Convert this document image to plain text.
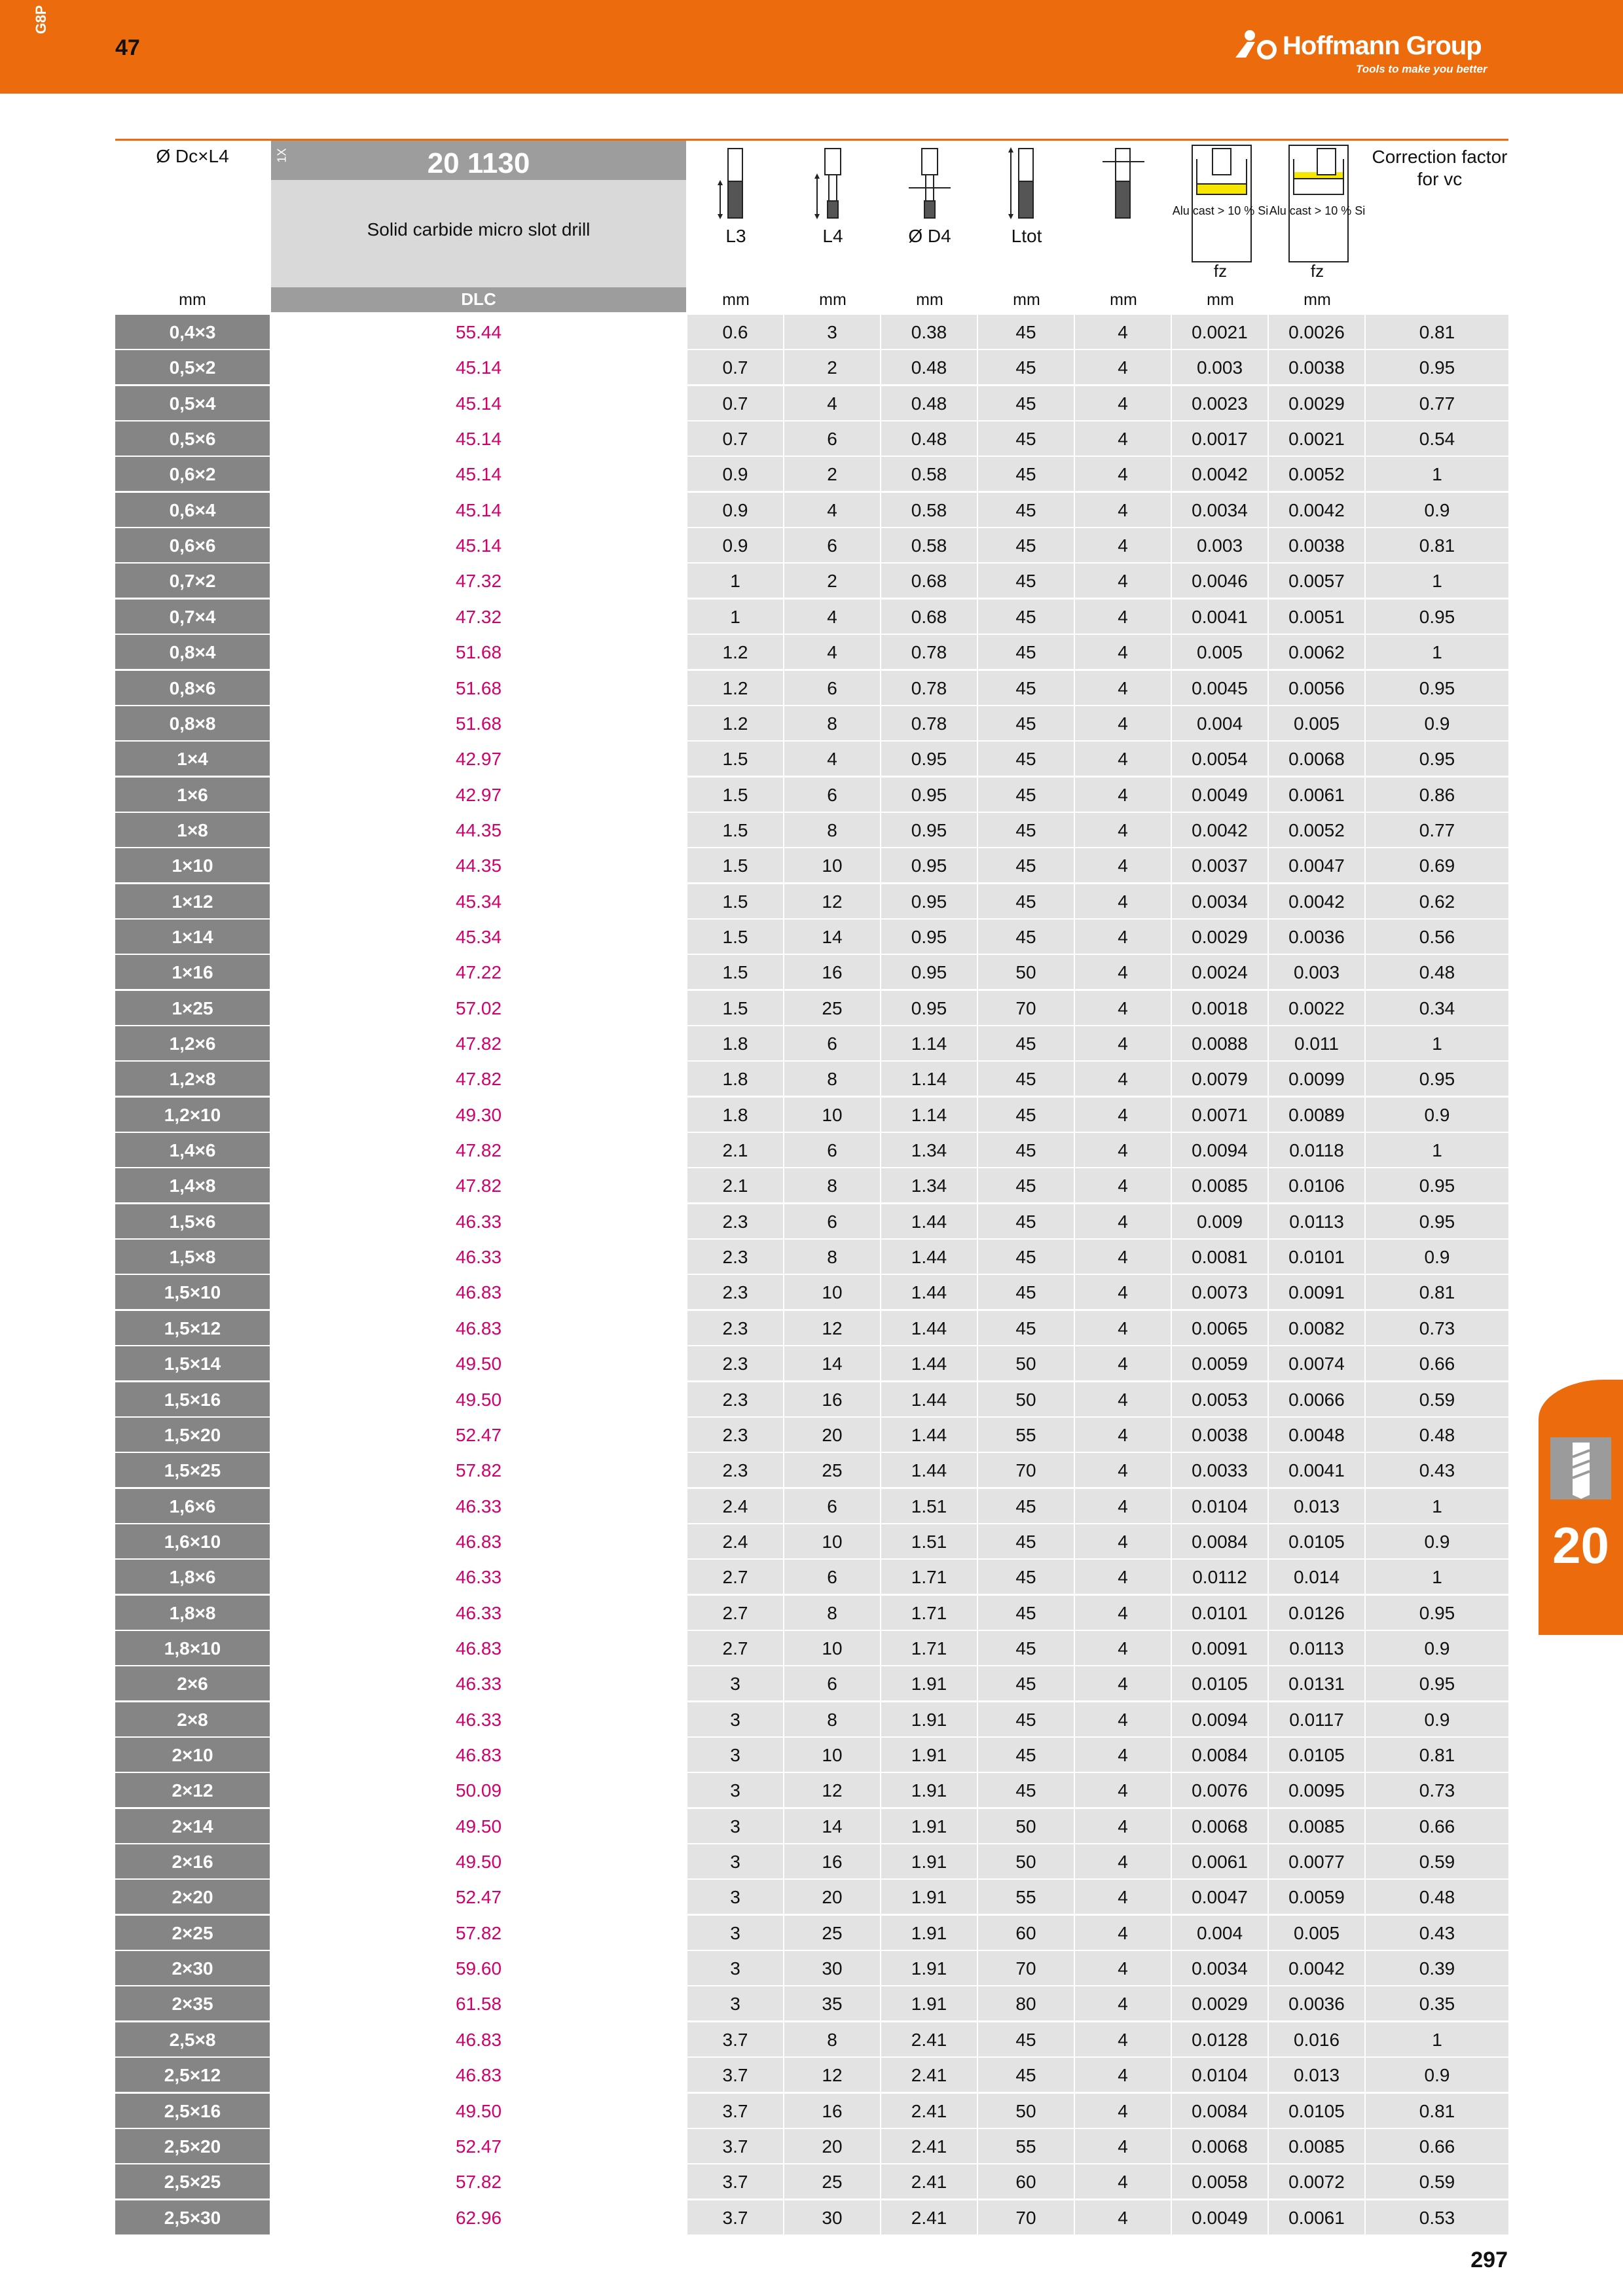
G8P
47	Hoffmann Group
Tools to make you better
Ø Dc×L4
mm
1X	20 1130
Solid carbide micro slot drill
DLC
L3
mm
L4
mm
Ø D4
mm
Ltot
mm	mm
Alu cast > 10 % Si
fz
mm
Alu cast > 10 % Si
fz
mm
Correction factor for vc
0,4×3	55.44	0.6	3	0.38	45	4	0.0021	0.0026	0.81
0,5×2	45.14	0.7	2	0.48	45	4	0.003	0.0038	0.95
0,5×4	45.14	0.7	4	0.48	45	4	0.0023	0.0029	0.77
0,5×6	45.14	0.7	6	0.48	45	4	0.0017	0.0021	0.54
0,6×2	45.14	0.9	2	0.58	45	4	0.0042	0.0052	1
0,6×4	45.14	0.9	4	0.58	45	4	0.0034	0.0042	0.9
0,6×6	45.14	0.9	6	0.58	45	4	0.003	0.0038	0.81
0,7×2	47.32	1	2	0.68	45	4	0.0046	0.0057	1
0,7×4	47.32	1	4	0.68	45	4	0.0041	0.0051	0.95
0,8×4	51.68	1.2	4	0.78	45	4	0.005	0.0062	1
0,8×6	51.68	1.2	6	0.78	45	4	0.0045	0.0056	0.95
0,8×8	51.68	1.2	8	0.78	45	4	0.004	0.005	0.9
1×4	42.97	1.5	4	0.95	45	4	0.0054	0.0068	0.95
1×6	42.97	1.5	6	0.95	45	4	0.0049	0.0061	0.86
1×8	44.35	1.5	8	0.95	45	4	0.0042	0.0052	0.77
1×10	44.35	1.5	10	0.95	45	4	0.0037	0.0047	0.69
1×12	45.34	1.5	12	0.95	45	4	0.0034	0.0042	0.62
1×14	45.34	1.5	14	0.95	45	4	0.0029	0.0036	0.56
1×16	47.22	1.5	16	0.95	50	4	0.0024	0.003	0.48
1×25	57.02	1.5	25	0.95	70	4	0.0018	0.0022	0.34
1,2×6	47.82	1.8	6	1.14	45	4	0.0088	0.011	1
1,2×8	47.82	1.8	8	1.14	45	4	0.0079	0.0099	0.95
1,2×10	49.30	1.8	10	1.14	45	4	0.0071	0.0089	0.9
1,4×6	47.82	2.1	6	1.34	45	4	0.0094	0.0118	1
1,4×8	47.82	2.1	8	1.34	45	4	0.0085	0.0106	0.95
1,5×6	46.33	2.3	6	1.44	45	4	0.009	0.0113	0.95
1,5×8	46.33	2.3	8	1.44	45	4	0.0081	0.0101	0.9
1,5×10	46.83	2.3	10	1.44	45	4	0.0073	0.0091	0.81
1,5×12	46.83	2.3	12	1.44	45	4	0.0065	0.0082	0.73
1,5×14	49.50	2.3	14	1.44	50	4	0.0059	0.0074	0.66
1,5×16	49.50	2.3	16	1.44	50	4	0.0053	0.0066	0.59
1,5×20	52.47	2.3	20	1.44	55	4	0.0038	0.0048	0.48
1,5×25	57.82	2.3	25	1.44	70	4	0.0033	0.0041	0.43
1,6×6	46.33	2.4	6	1.51	45	4	0.0104	0.013	1
1,6×10	46.83	2.4	10	1.51	45	4	0.0084	0.0105	0.9
1,8×6	46.33	2.7	6	1.71	45	4	0.0112	0.014	1
1,8×8	46.33	2.7	8	1.71	45	4	0.0101	0.0126	0.95
1,8×10	46.83	2.7	10	1.71	45	4	0.0091	0.0113	0.9
2×6	46.33	3	6	1.91	45	4	0.0105	0.0131	0.95
2×8	46.33	3	8	1.91	45	4	0.0094	0.0117	0.9
2×10	46.83	3	10	1.91	45	4	0.0084	0.0105	0.81
2×12	50.09	3	12	1.91	45	4	0.0076	0.0095	0.73
2×14	49.50	3	14	1.91	50	4	0.0068	0.0085	0.66
2×16	49.50	3	16	1.91	50	4	0.0061	0.0077	0.59
2×20	52.47	3	20	1.91	55	4	0.0047	0.0059	0.48
2×25	57.82	3	25	1.91	60	4	0.004	0.005	0.43
2×30	59.60	3	30	1.91	70	4	0.0034	0.0042	0.39
2×35	61.58	3	35	1.91	80	4	0.0029	0.0036	0.35
2,5×8	46.83	3.7	8	2.41	45	4	0.0128	0.016	1
2,5×12	46.83	3.7	12	2.41	45	4	0.0104	0.013	0.9
2,5×16	49.50	3.7	16	2.41	50	4	0.0084	0.0105	0.81
2,5×20	52.47	3.7	20	2.41	55	4	0.0068	0.0085	0.66
2,5×25	57.82	3.7	25	2.41	60	4	0.0058	0.0072	0.59
2,5×30	62.96	3.7	30	2.41	70	4	0.0049	0.0061	0.53
20
297
